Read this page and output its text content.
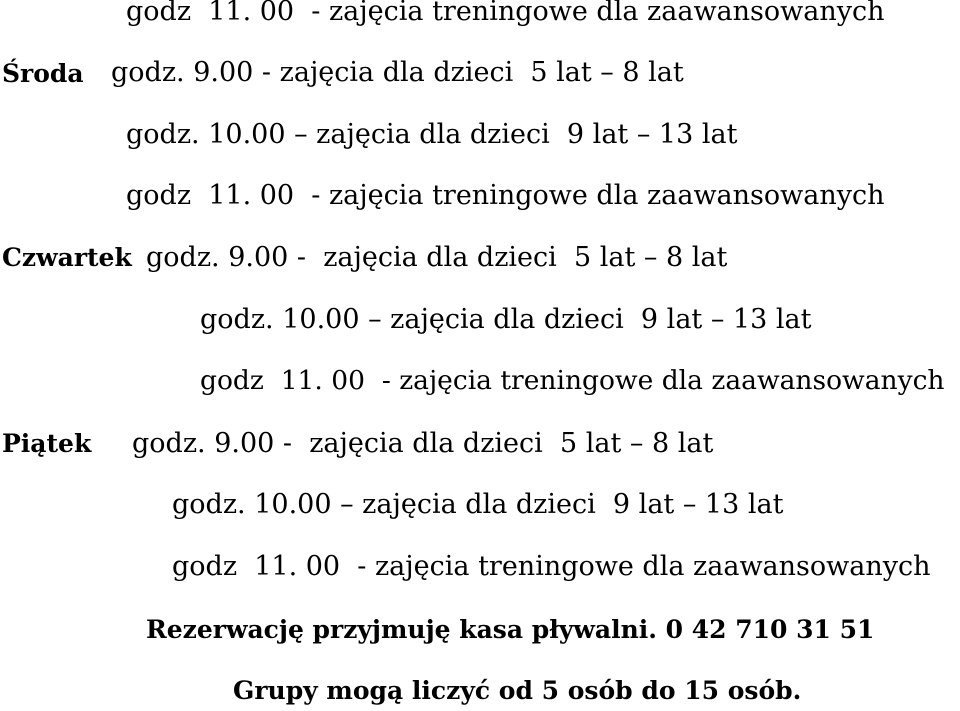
godz  11. 00  - zajęcia treningowe dla zaawansowanych
Środa godz. 9.00 - zajęcia dla dzieci  5 lat – 8 lat
godz. 10.00 – zajęcia dla dzieci  9 lat – 13 lat
godz  11. 00  - zajęcia treningowe dla zaawansowanych
Czwartek godz. 9.00 -  zajęcia dla dzieci  5 lat – 8 lat
godz. 10.00 – zajęcia dla dzieci  9 lat – 13 lat
godz  11. 00  - zajęcia treningowe dla zaawansowanych
Piątek godz. 9.00 -  zajęcia dla dzieci  5 lat – 8 lat
godz. 10.00 – zajęcia dla dzieci  9 lat – 13 lat
godz  11. 00  - zajęcia treningowe dla zaawansowanych
Rezerwację przyjmuję kasa pływalni. 0 42 710 31 51
Grupy mogą liczyć od 5 osób do 15 osób.
